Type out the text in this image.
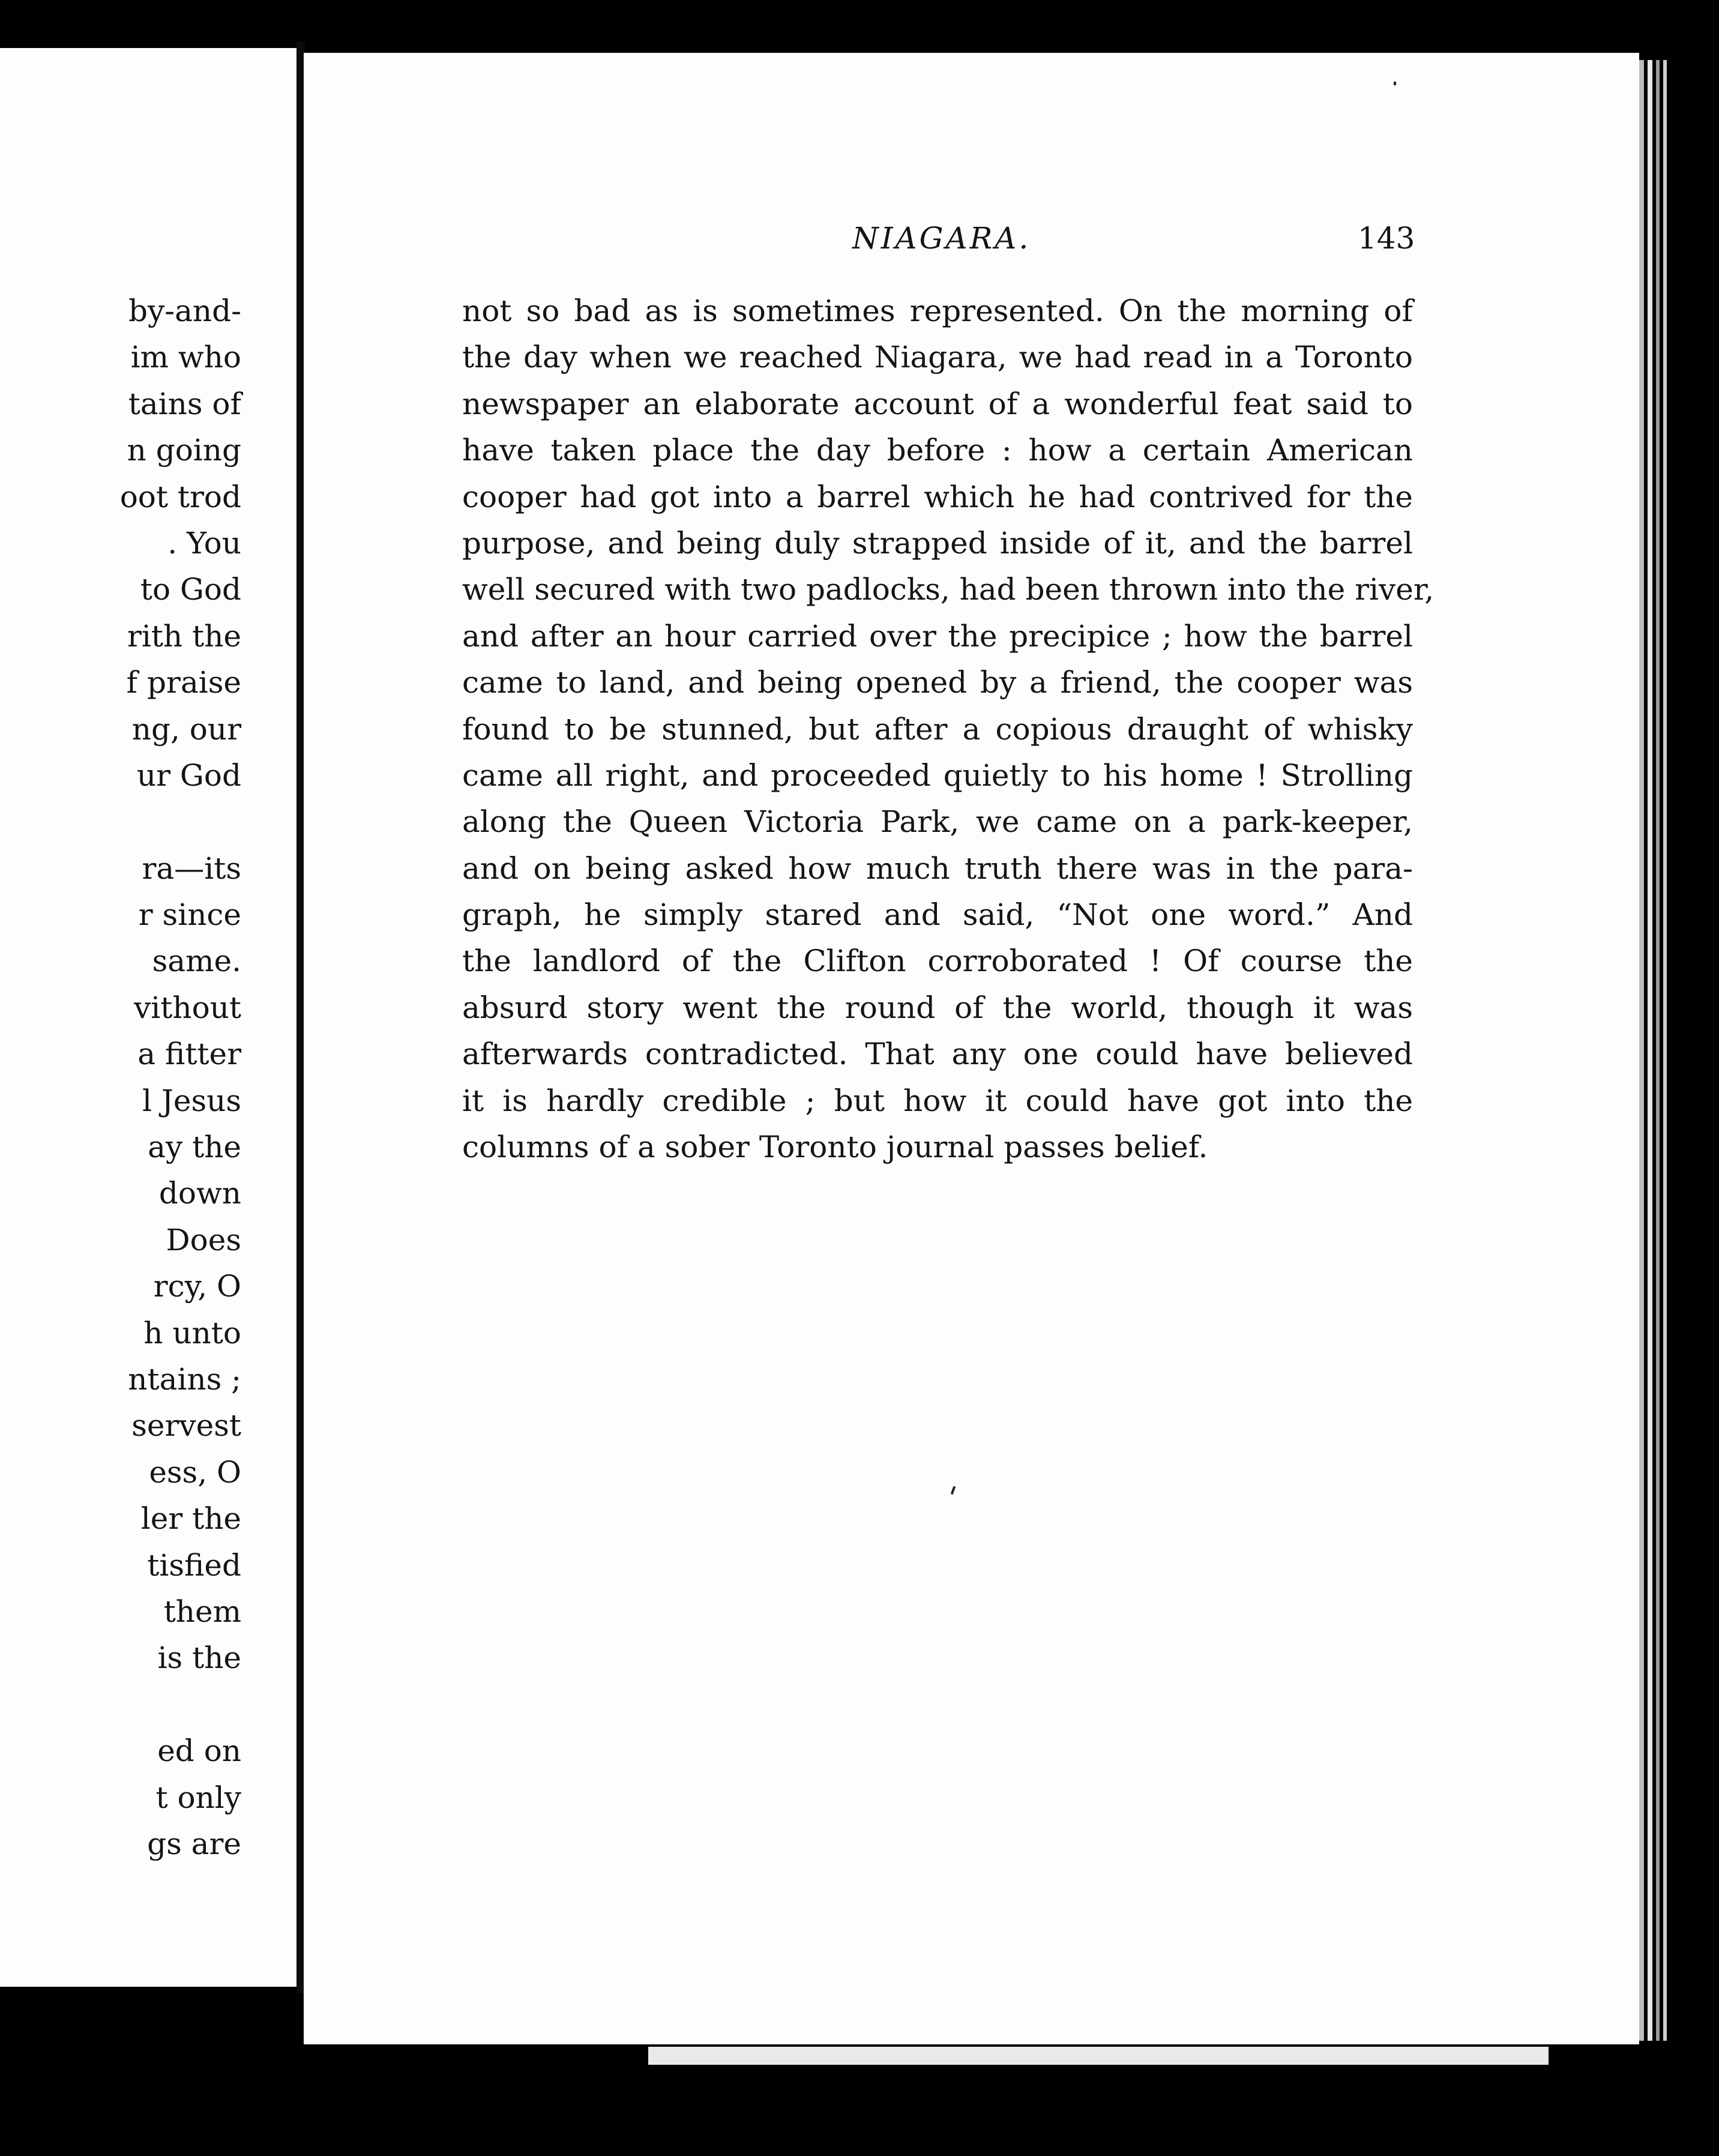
by-and-
im who
tains of
n going
oot trod
. You
to God
rith the
f praise
ng, our
ur God
ra—its
r since
same.
vithout
a fitter
l Jesus
ay the
down
Does
rcy, O
h unto
ntains ;
servest
ess, O
ler the
tisfied
them
is the
ed on
t only
gs are
NIAGARA.	143
not so bad as is sometimes represented. On the morning of
the day when we reached Niagara, we had read in a Toronto
newspaper an elaborate account of a wonderful feat said to
have taken place the day before : how a certain American
cooper had got into a barrel which he had contrived for the
purpose, and being duly strapped inside of it, and the barrel
well secured with two padlocks, had been thrown into the river,
and after an hour carried over the precipice ; how the barrel
came to land, and being opened by a friend, the cooper was
found to be stunned, but after a copious draught of whisky
came all right, and proceeded quietly to his home ! Strolling
along the Queen Victoria Park, we came on a park-keeper,
and on being asked how much truth there was in the para-
graph, he simply stared and said, “Not one word.” And
the landlord of the Clifton corroborated ! Of course the
absurd story went the round of the world, though it was
afterwards contradicted. That any one could have believed
it is hardly credible ; but how it could have got into the
columns of a sober Toronto journal passes belief.
